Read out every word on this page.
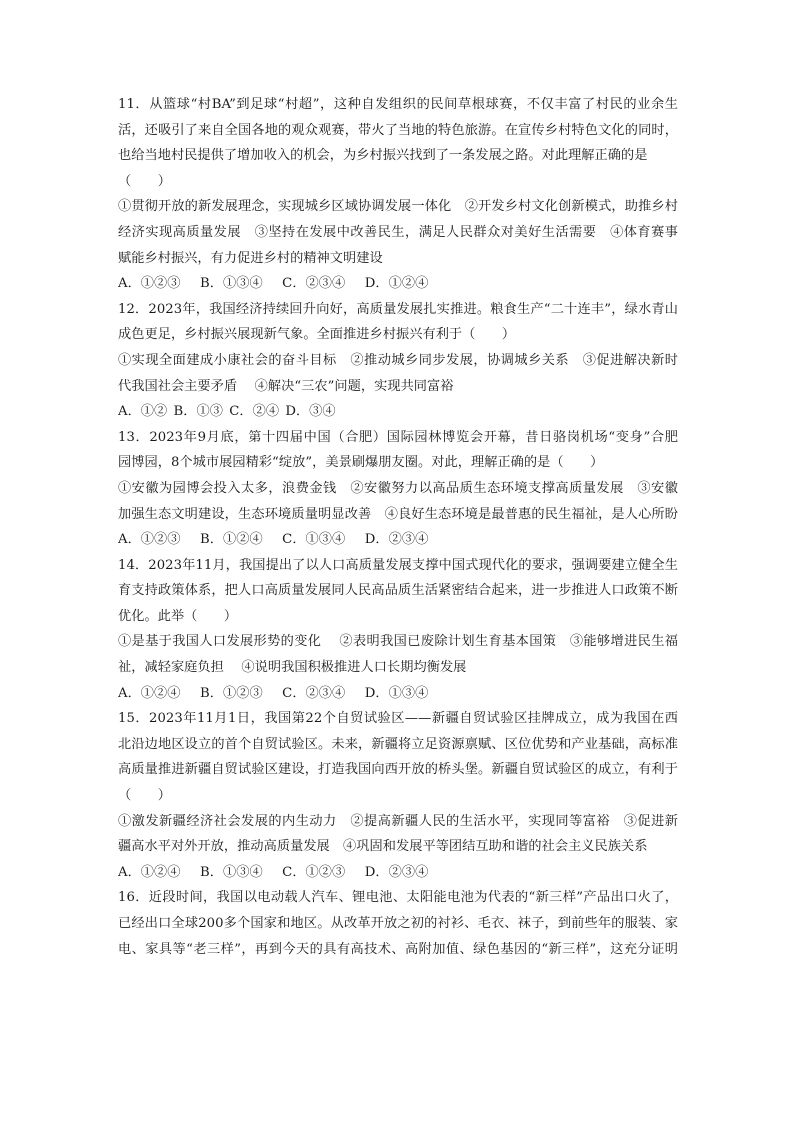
11．从篮球“村BA”到足球“村超”，这种自发组织的民间草根球赛，不仅丰富了村民的业余生
活，还吸引了来自全国各地的观众观赛，带火了当地的特色旅游。在宣传乡村特色文化的同时，
也给当地村民提供了增加收入的机会，为乡村振兴找到了一条发展之路。对此理解正确的是
（　　）
①贯彻开放的新发展理念，实现城乡区域协调发展一体化　②开发乡村文化创新模式，助推乡村
经济实现高质量发展　③坚持在发展中改善民生，满足人民群众对美好生活需要　④体育赛事
赋能乡村振兴，有力促进乡村的精神文明建设
A．①②③　 B．①③④　 C．②③④　 D．①②④
12．2023年，我国经济持续回升向好，高质量发展扎实推进。粮食生产“二十连丰”，绿水青山
成色更足，乡村振兴展现新气象。全面推进乡村振兴有利于（　　）
①实现全面建成小康社会的奋斗目标　②推动城乡同步发展，协调城乡关系　③促进解决新时
代我国社会主要矛盾　 ④解决“三农”问题，实现共同富裕
A．①② B．①③ C．②④ D．③④
13．2023年9月底，第十四届中国（合肥）国际园林博览会开幕，昔日骆岗机场“变身”合肥
园博园，8个城市展园精彩“绽放”，美景刷爆朋友圈。对此，理解正确的是（　　）
①安徽为园博会投入太多，浪费金钱　②安徽努力以高品质生态环境支撑高质量发展　③安徽
加强生态文明建设，生态环境质量明显改善　④良好生态环境是最普惠的民生福祉，是人心所盼
A．①②③　 B．①②④　 C．①③④　 D．②③④
14．2023年11月，我国提出了以人口高质量发展支撑中国式现代化的要求，强调要建立健全生
育支持政策体系，把人口高质量发展同人民高品质生活紧密结合起来，进一步推进人口政策不断
优化。此举（　　）
①是基于我国人口发展形势的变化　 ②表明我国已废除计划生育基本国策　③能够增进民生福
祉，减轻家庭负担　 ④说明我国积极推进人口长期均衡发展
A．①②④　 B．①②③　 C．②③④　 D．①③④
15．2023年11月1日，我国第22个自贸试验区——新疆自贸试验区挂牌成立，成为我国在西
北沿边地区设立的首个自贸试验区。未来，新疆将立足资源禀赋、区位优势和产业基础，高标准
高质量推进新疆自贸试验区建设，打造我国向西开放的桥头堡。新疆自贸试验区的成立，有利于
（　　）
①激发新疆经济社会发展的内生动力　②提高新疆人民的生活水平，实现同等富裕　③促进新
疆高水平对外开放，推动高质量发展　④巩固和发展平等团结互助和谐的社会主义民族关系
A．①②④　 B．①③④　 C．①②③　 D．②③④
16．近段时间，我国以电动载人汽车、锂电池、太阳能电池为代表的“新三样”产品出口火了，
已经出口全球200多个国家和地区。从改革开放之初的衬衫、毛衣、袜子，到前些年的服装、家
电、家具等“老三样”，再到今天的具有高技术、高附加值、绿色基因的“新三样”，这充分证明
